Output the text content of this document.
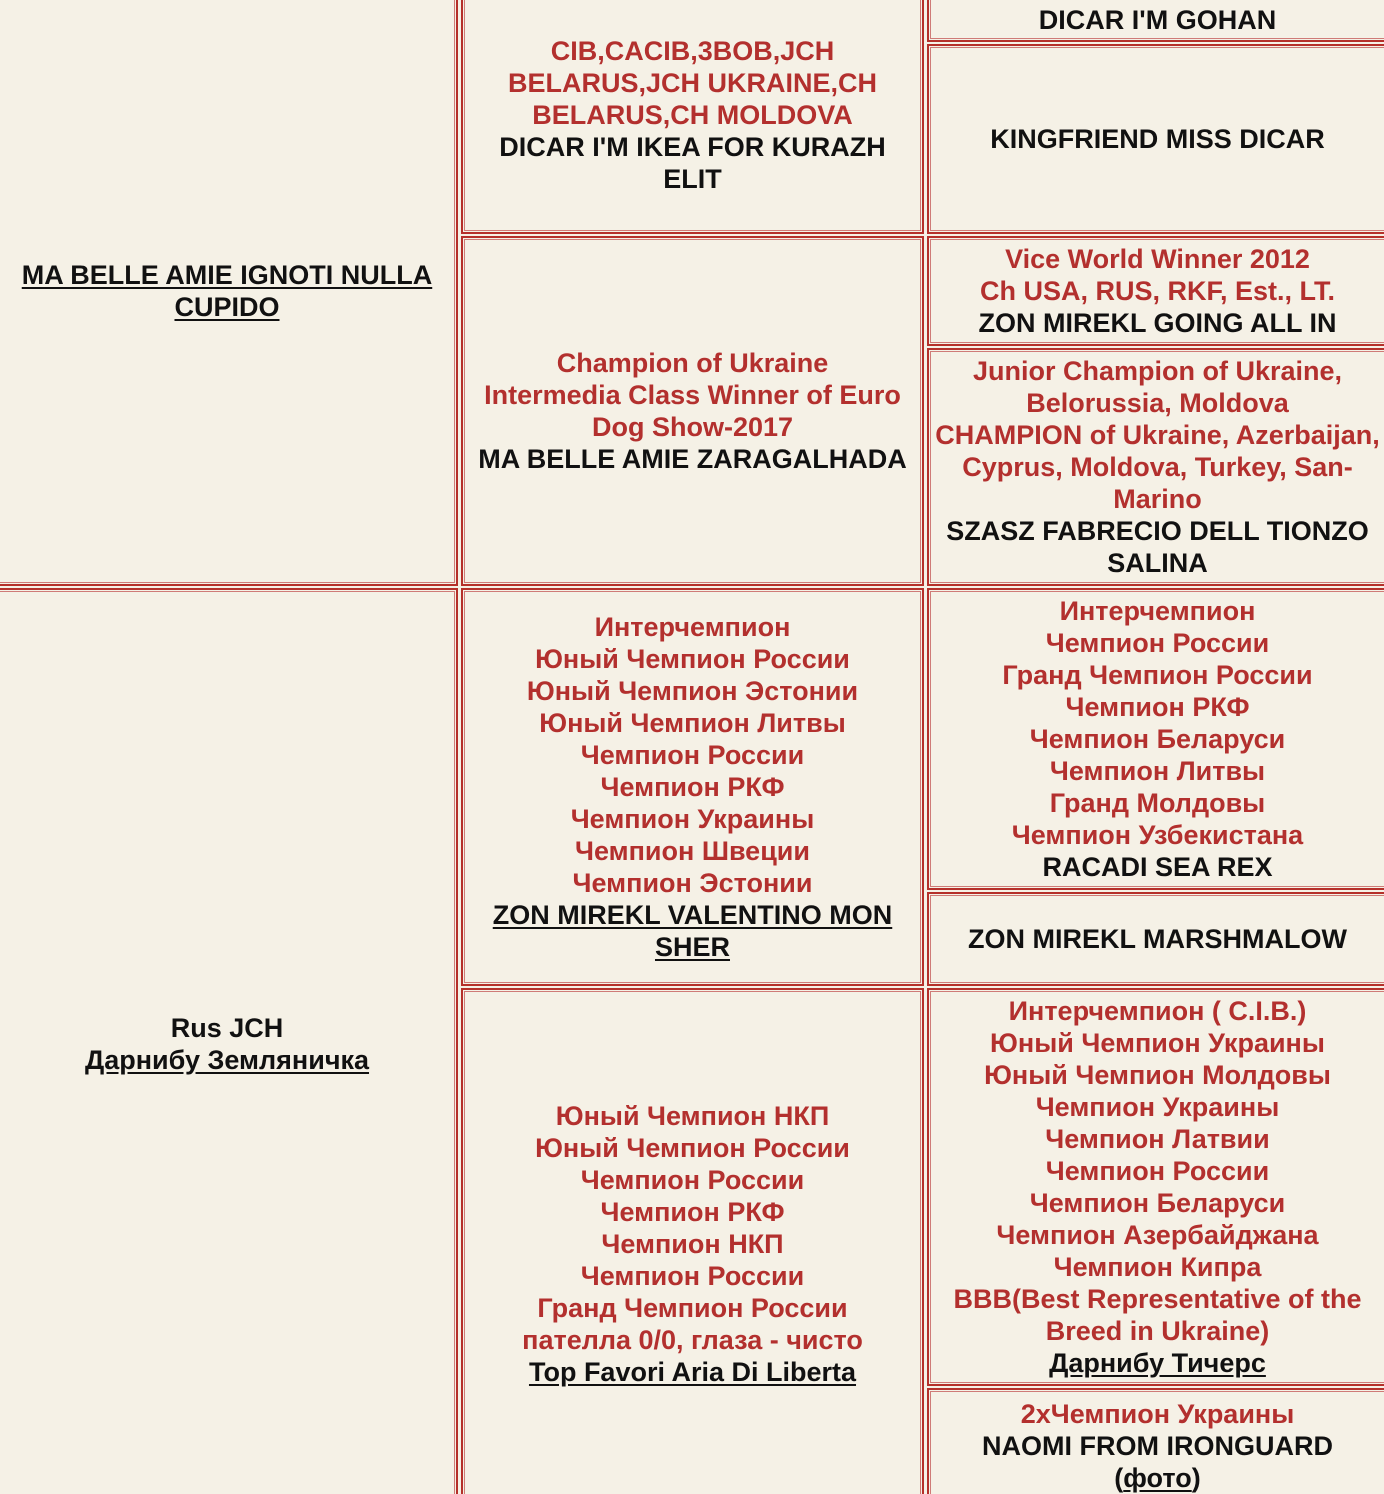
MA BELLE AMIE IGNOTI NULLA CUPIDO
Rus JCH
Дарнибу Земляничка
CIB,CACIB,3BOB,JCH BELARUS,JCH UKRAINE,CH BELARUS,CH MOLDOVA
DICAR I'M IKEA FOR KURAZH ELIT
Champion of Ukraine
Intermedia Class Winner of Euro Dog Show-2017
MA BELLE AMIE ZARAGALHADA
Интерчемпион
Юный Чемпион России
Юный Чемпион Эстонии
Юный Чемпион Литвы
Чемпион России
Чемпион РКФ
Чемпион Украины
Чемпион Швеции
Чемпион Эстонии
ZON MIREKL VALENTINO MON SHER
Юный Чемпион НКП
Юный Чемпион России
Чемпион России
Чемпион РКФ
Чемпион НКП
Чемпион России
Гранд Чемпион России
пателла 0/0, глаза - чисто
Top Favori Aria Di Liberta
DICAR I'M GOHAN
KINGFRIEND MISS DICAR
Vice World Winner 2012
Ch USA, RUS, RKF, Est., LT.
ZON MIREKL GOING ALL IN
Junior Champion of Ukraine, Belorussia, Moldova
CHAMPION of Ukraine, Azerbaijan, Cyprus, Moldova, Turkey, San-Marino
SZASZ FABRECIO DELL TIONZO SALINA
Интерчемпион
Чемпион России
Гранд Чемпион России
Чемпион РКФ
Чемпион Беларуси
Чемпион Литвы
Гранд Молдовы
Чемпион Узбекистана
RACADI SEA REX
ZON MIREKL MARSHMALOW
Интерчемпион ( C.I.B.)
Юный Чемпион Украины
Юный Чемпион Молдовы
Чемпион Украины
Чемпион Латвии
Чемпион России
Чемпион Беларуси
Чемпион Азербайджана
Чемпион Кипра
BBB(Best Representative of the Breed in Ukraine)
Дарнибу Тичерс
2хЧемпион Украины
NAOMI FROM IRONGUARD
(фото)
